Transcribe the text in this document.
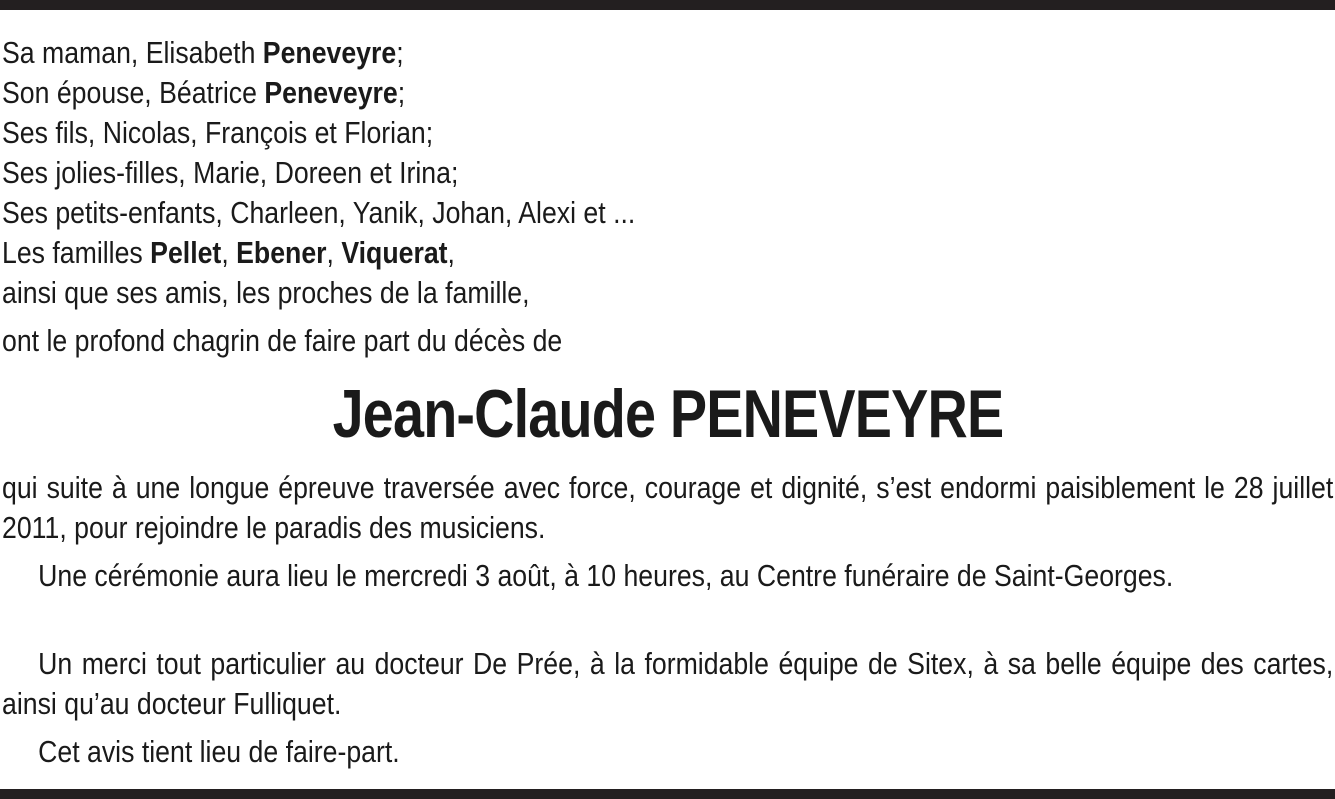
Sa maman, Elisabeth Peneveyre;
Son épouse, Béatrice Peneveyre;
Ses fils, Nicolas, François et Florian;
Ses jolies-filles, Marie, Doreen et Irina;
Ses petits-enfants, Charleen, Yanik, Johan, Alexi et ...
Les familles Pellet, Ebener, Viquerat,
ainsi que ses amis, les proches de la famille,
ont le profond chagrin de faire part du décès de
Jean-Claude PENEVEYRE
qui suite à une longue épreuve traversée avec force, courage et dignité, s’est endormi paisiblement le 28 juillet 2011, pour rejoindre le paradis des musiciens.
Une cérémonie aura lieu le mercredi 3 août, à 10 heures, au Centre funéraire de Saint-Georges.
Un merci tout particulier au docteur De Prée, à la formidable équipe de Sitex, à sa belle équipe des cartes, ainsi qu’au docteur Fulliquet.
Cet avis tient lieu de faire-part.
